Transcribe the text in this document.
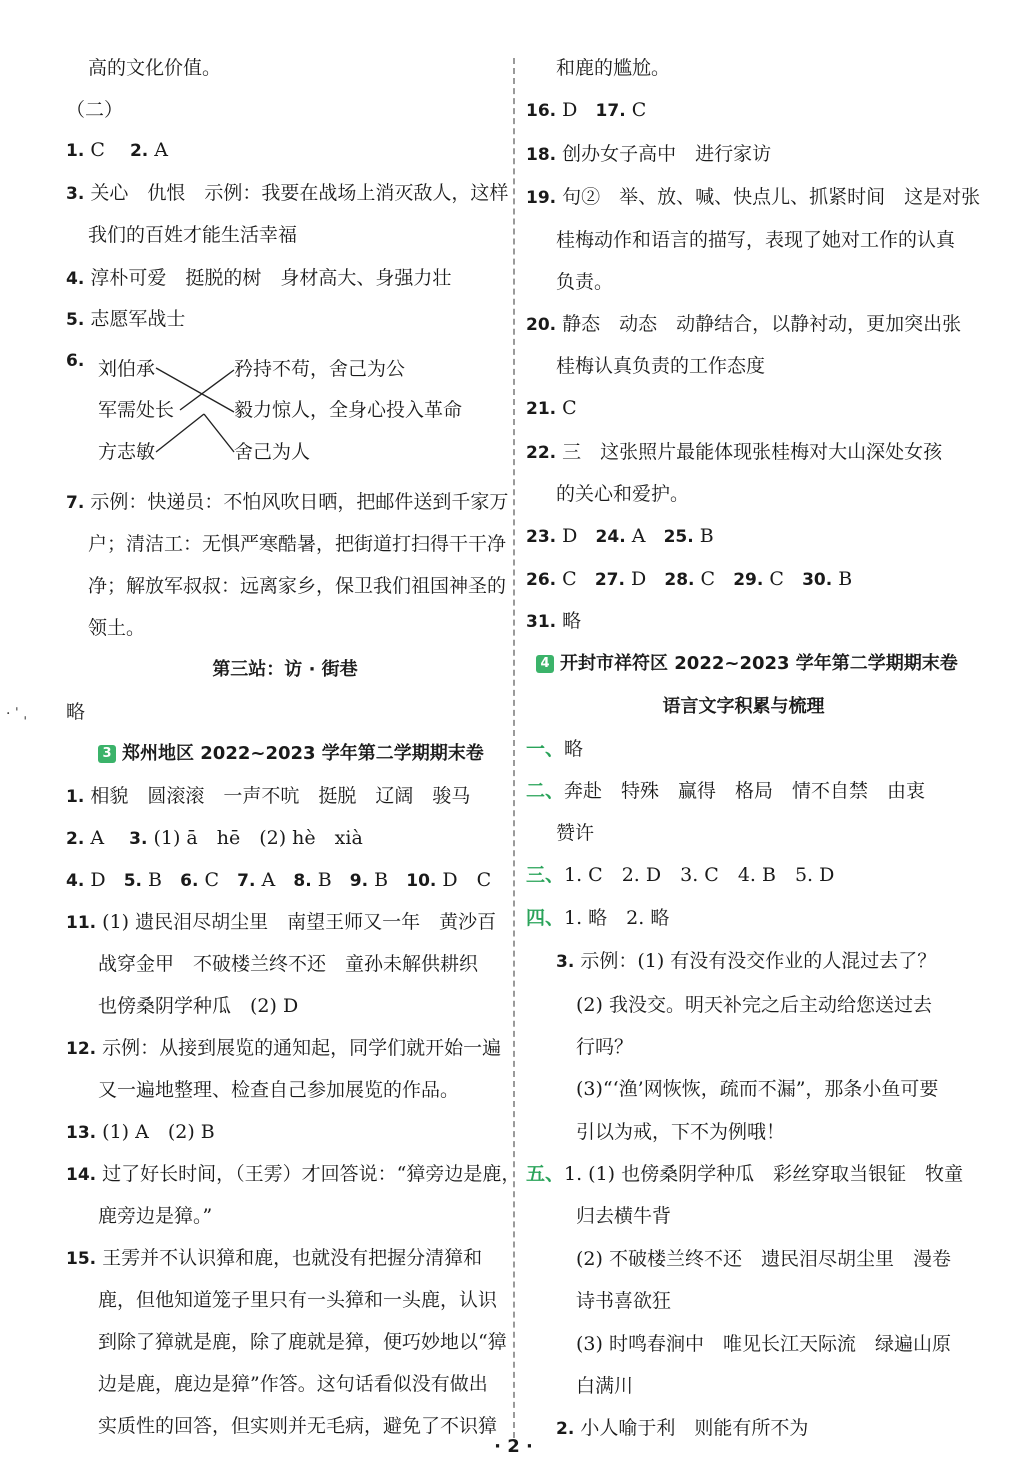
高的文化价值。
（二）
1. C　 2. A
3. 关心　仇恨　示例：我要在战场上消灭敌人，这样
我们的百姓才能生活幸福
4. 淳朴可爱　挺脱的树　身材高大、身强力壮
5. 志愿军战士
6. 刘伯承
军需处长
方志敏
矜持不苟，舍己为公
毅力惊人，全身心投入革命
舍己为人
7. 示例：快递员：不怕风吹日晒，把邮件送到千家万
户；清洁工：无惧严寒酷暑，把街道打扫得干干净
净；解放军叔叔：远离家乡，保卫我们祖国神圣的
领土。
第三站：访 · 街巷
略
3 郑州地区 2022~2023 学年第二学期期末卷
1. 相貌　圆滚滚　一声不吭　挺脱　辽阔　骏马
2. A　 3. (1) ā　hē　(2) hè　xià
4. D 5. B 6. C 7. A 8. B 9. B 10. D　C
11. (1) 遗民泪尽胡尘里　南望王师又一年　黄沙百
战穿金甲　不破楼兰终不还　童孙未解供耕织
也傍桑阴学种瓜　(2) D
12. 示例：从接到展览的通知起，同学们就开始一遍
又一遍地整理、检查自己参加展览的作品。
13. (1) A　(2) B
14. 过了好长时间，（王雱）才回答说：“獐旁边是鹿，
鹿旁边是獐。”
15. 王雱并不认识獐和鹿，也就没有把握分清獐和
鹿，但他知道笼子里只有一头獐和一头鹿，认识
到除了獐就是鹿，除了鹿就是獐，便巧妙地以“獐
边是鹿，鹿边是獐”作答。这句话看似没有做出
实质性的回答，但实则并无毛病，避免了不识獐
和鹿的尴尬。
16. D 17. C
18. 创办女子高中　进行家访
19. 句②　举、放、喊、快点儿、抓紧时间　这是对张
桂梅动作和语言的描写，表现了她对工作的认真
负责。
20. 静态　动态　动静结合，以静衬动，更加突出张
桂梅认真负责的工作态度
21. C
22. 三　这张照片最能体现张桂梅对大山深处女孩
的关心和爱护。
23. D 24. A 25. B
26. C 27. D 28. C 29. C 30. B
31. 略
4 开封市祥符区 2022~2023 学年第二学期期末卷
语言文字积累与梳理
一、略
二、奔赴　特殊　赢得　格局　情不自禁　由衷
赞许
三、1. C　2. D　3. C　4. B　5. D
四、1. 略　2. 略
3. 示例：(1) 有没有没交作业的人混过去了？
(2) 我没交。明天补完之后主动给您送过去
行吗？
(3)“‘渔’网恢恢，疏而不漏”，那条小鱼可要
引以为戒，下不为例哦！
五、1. (1) 也傍桑阴学种瓜　彩丝穿取当银钲　牧童
归去横牛背
(2) 不破楼兰终不还　遗民泪尽胡尘里　漫卷
诗书喜欲狂
(3) 时鸣春涧中　唯见长江天际流　绿遍山原
白满川
2. 小人喻于利　则能有所不为
· ˈ ˌ
· 2 ·
